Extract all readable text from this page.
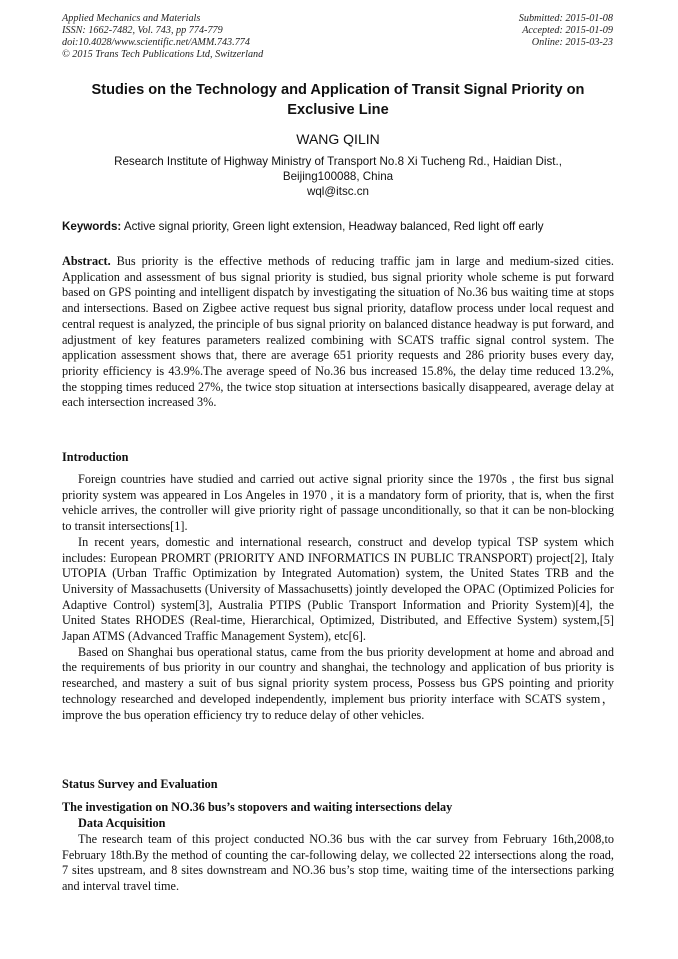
Applied Mechanics and Materials
ISSN: 1662-7482, Vol. 743, pp 774-779
doi:10.4028/www.scientific.net/AMM.743.774
© 2015 Trans Tech Publications Ltd, Switzerland
Submitted: 2015-01-08
Accepted: 2015-01-09
Online: 2015-03-23
Studies on the Technology and Application of Transit Signal Priority on Exclusive Line
WANG QILIN
Research Institute of Highway Ministry of Transport No.8 Xi Tucheng Rd., Haidian Dist.,
Beijing100088, China
wql@itsc.cn
Keywords: Active signal priority, Green light extension, Headway balanced, Red light off early

Abstract. Bus priority is the effective methods of reducing traffic jam in large and medium-sized cities. Application and assessment of bus signal priority is studied, bus signal priority whole scheme is put forward based on GPS pointing and intelligent dispatch by investigating the situation of No.36 bus waiting time at stops and intersections. Based on Zigbee active request bus signal priority, dataflow process under local request and central request is analyzed, the principle of bus signal priority on balanced distance headway is put forward, and adjustment of key features parameters realized combining with SCATS traffic signal control system. The application assessment shows that, there are average 651 priority requests and 286 priority buses every day, priority efficiency is 43.9%.The average speed of No.36 bus increased 15.8%, the delay time reduced 13.2%, the stopping times reduced 27%, the twice stop situation at intersections basically disappeared, average delay at each intersection increased 3%.

Introduction

Foreign countries have studied and carried out active signal priority since the 1970s , the first bus signal priority system was appeared in Los Angeles in 1970 , it is a mandatory form of priority, that is, when the first vehicle arrives, the controller will give priority right of passage unconditionally, so that it can be non-blocking to transit intersections[1].

In recent years, domestic and international research, construct and develop typical TSP system which includes: European PROMRT (PRIORITY AND INFORMATICS IN PUBLIC TRANSPORT) project[2], Italy UTOPIA (Urban Traffic Optimization by Integrated Automation) system, the United States TRB and the University of Massachusetts (University of Massachusetts) jointly developed the OPAC (Optimized Policies for Adaptive Control) system[3], Australia PTIPS (Public Transport Information and Priority System)[4], the United States RHODES (Real-time, Hierarchical, Optimized, Distributed, and Effective System) system,[5] Japan ATMS (Advanced Traffic Management System), etc[6].

Based on Shanghai bus operational status, came from the bus priority development at home and abroad and the requirements of bus priority in our country and shanghai, the technology and application of bus priority is researched, and mastery a suit of bus signal priority system process, Possess bus GPS pointing and priority technology researched and developed independently, implement bus priority interface with SCATS system，improve the bus operation efficiency try to reduce delay of other vehicles.

Status Survey and Evaluation
The investigation on NO.36 bus’s stopovers and waiting intersections delay
Data Acquisition

The research team of this project conducted NO.36 bus with the car survey from February 16th,2008,to February 18th.By the method of counting the car-following delay, we collected 22 intersections along the road, 7 sites upstream, and 8 sites downstream and NO.36 bus’s stop time, waiting time of the intersections parking and interval travel time.
